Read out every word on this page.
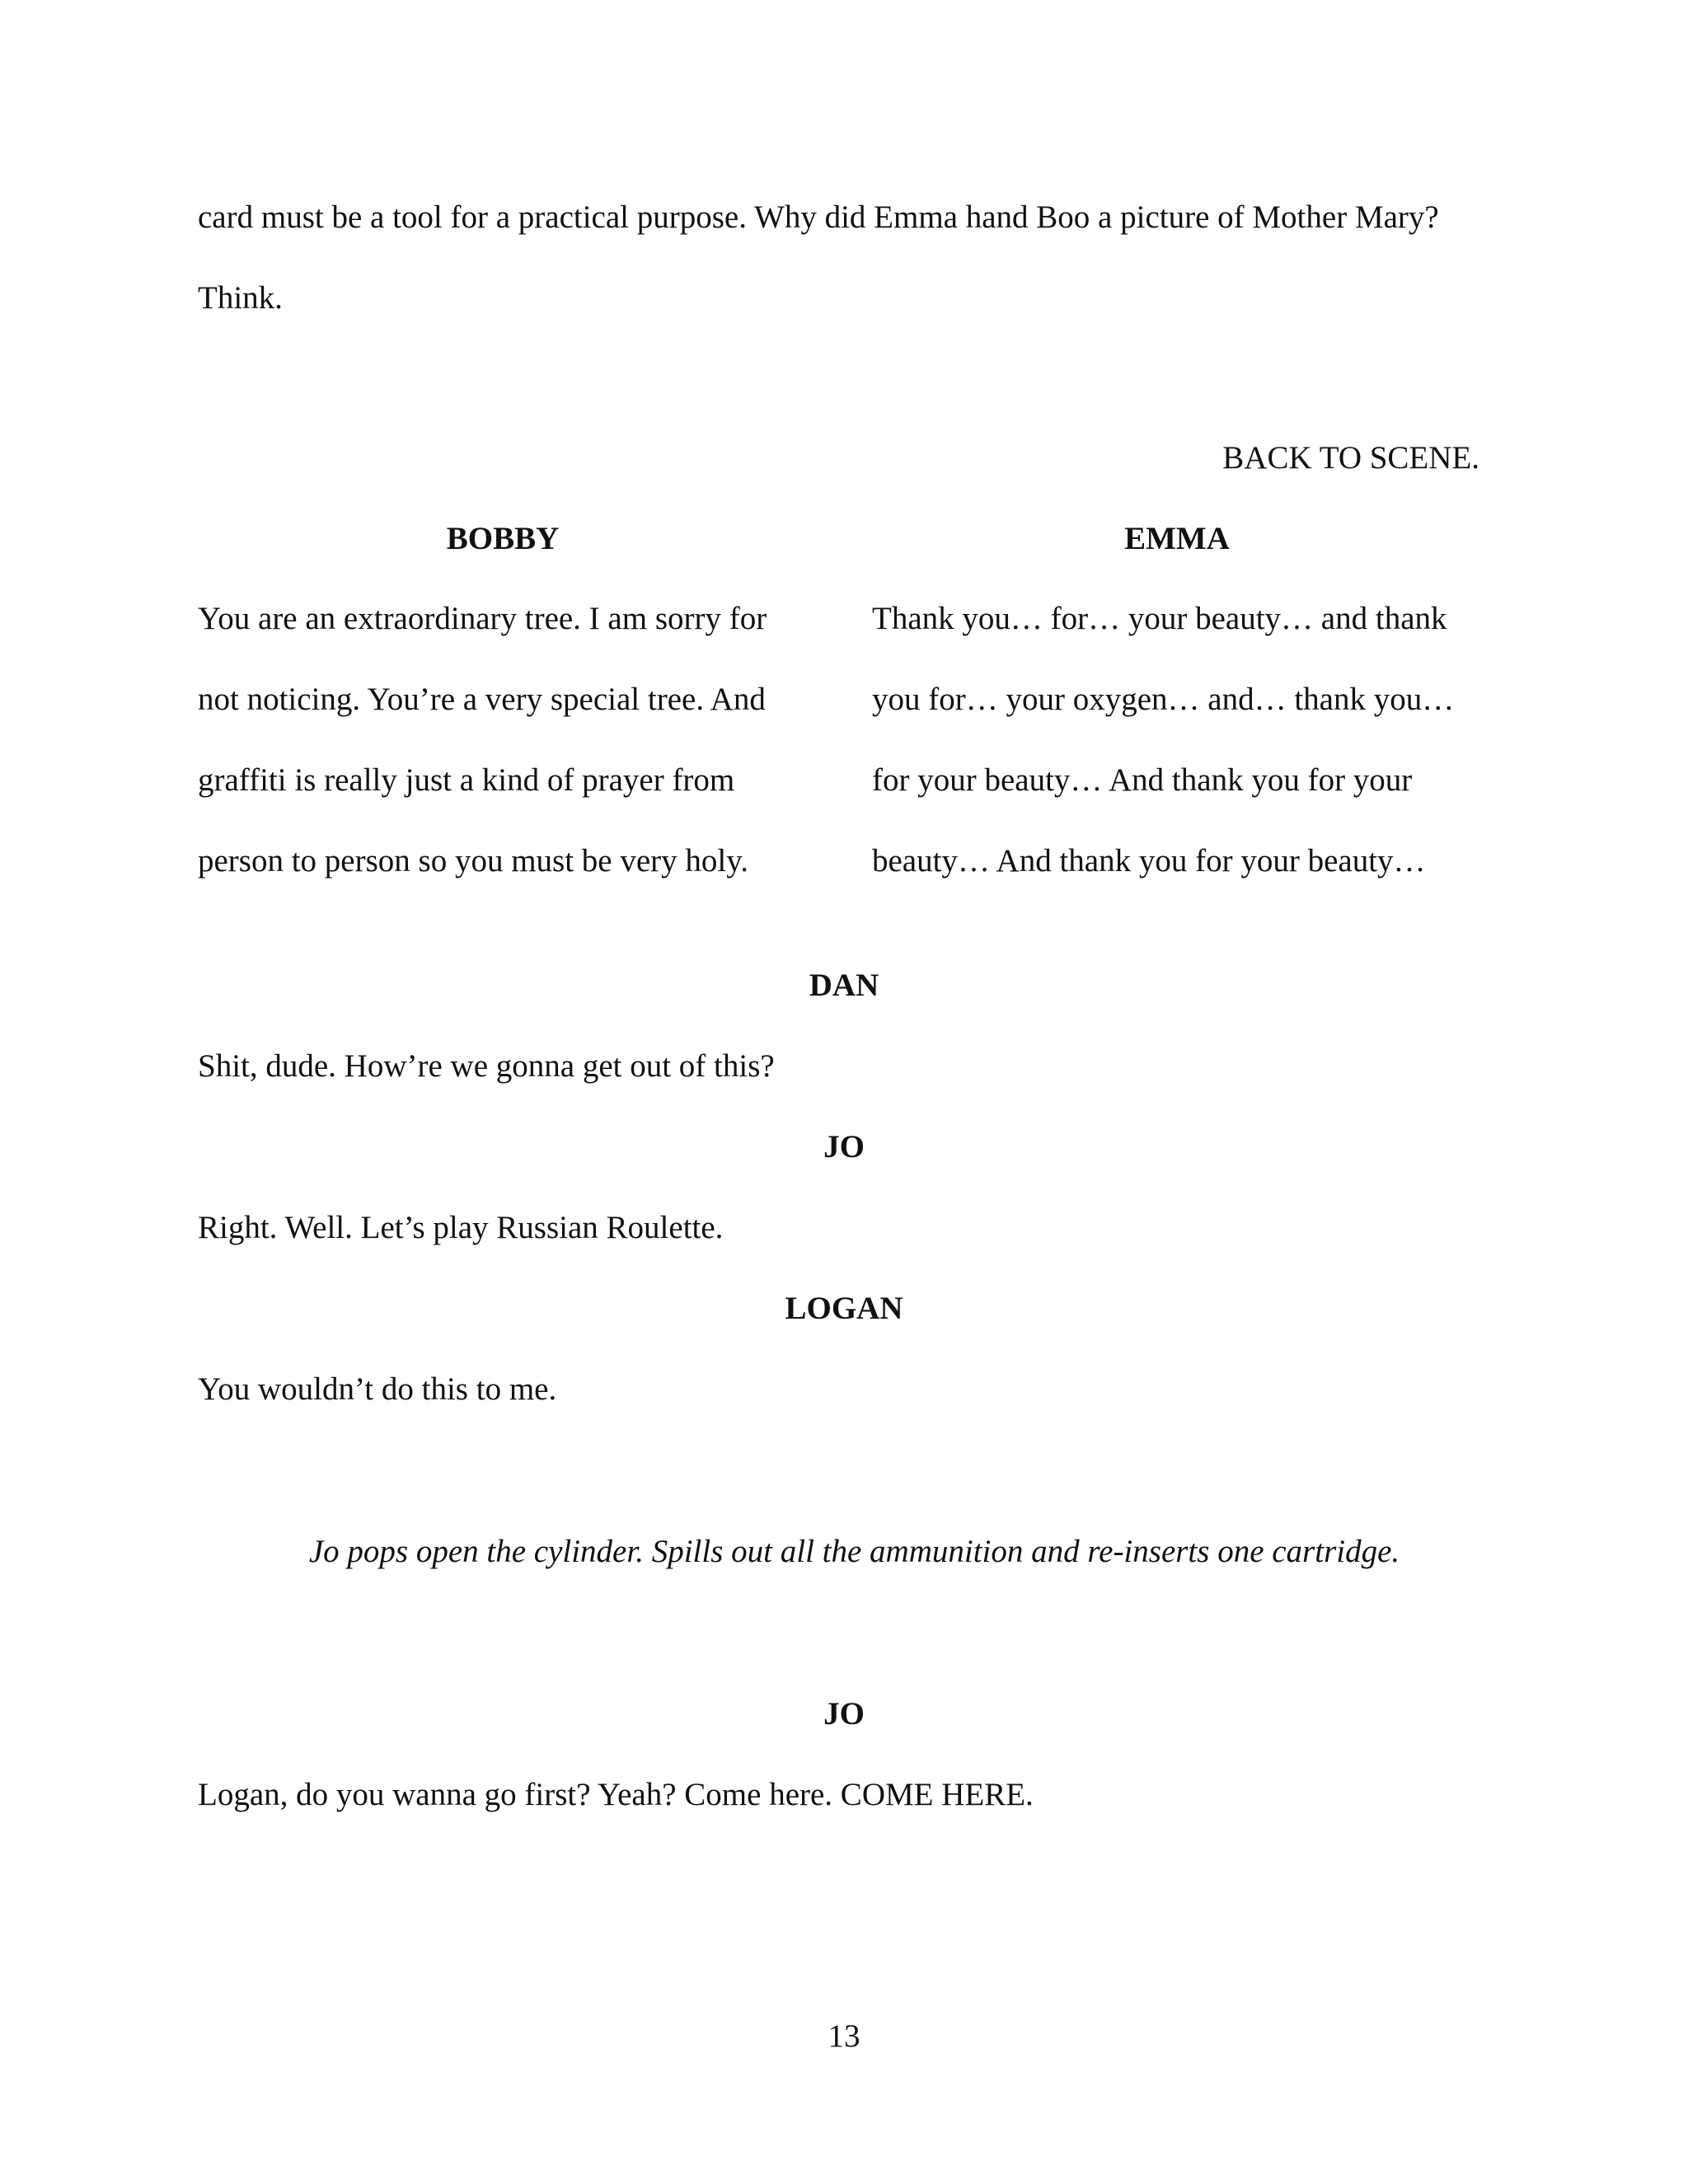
card must be a tool for a practical purpose. Why did Emma hand Boo a picture of Mother Mary?
Think.
BACK TO SCENE.
BOBBY
You are an extraordinary tree. I am sorry for
not noticing. You’re a very special tree. And
graffiti is really just a kind of prayer from
person to person so you must be very holy.
EMMA
Thank you… for… your beauty… and thank
you for… your oxygen… and… thank you…
for your beauty… And thank you for your
beauty… And thank you for your beauty…
DAN
Shit, dude. How’re we gonna get out of this?
JO
Right. Well. Let’s play Russian Roulette.
LOGAN
You wouldn’t do this to me.
Jo pops open the cylinder. Spills out all the ammunition and re-inserts one cartridge.
JO
Logan, do you wanna go first? Yeah? Come here. COME HERE.
13
